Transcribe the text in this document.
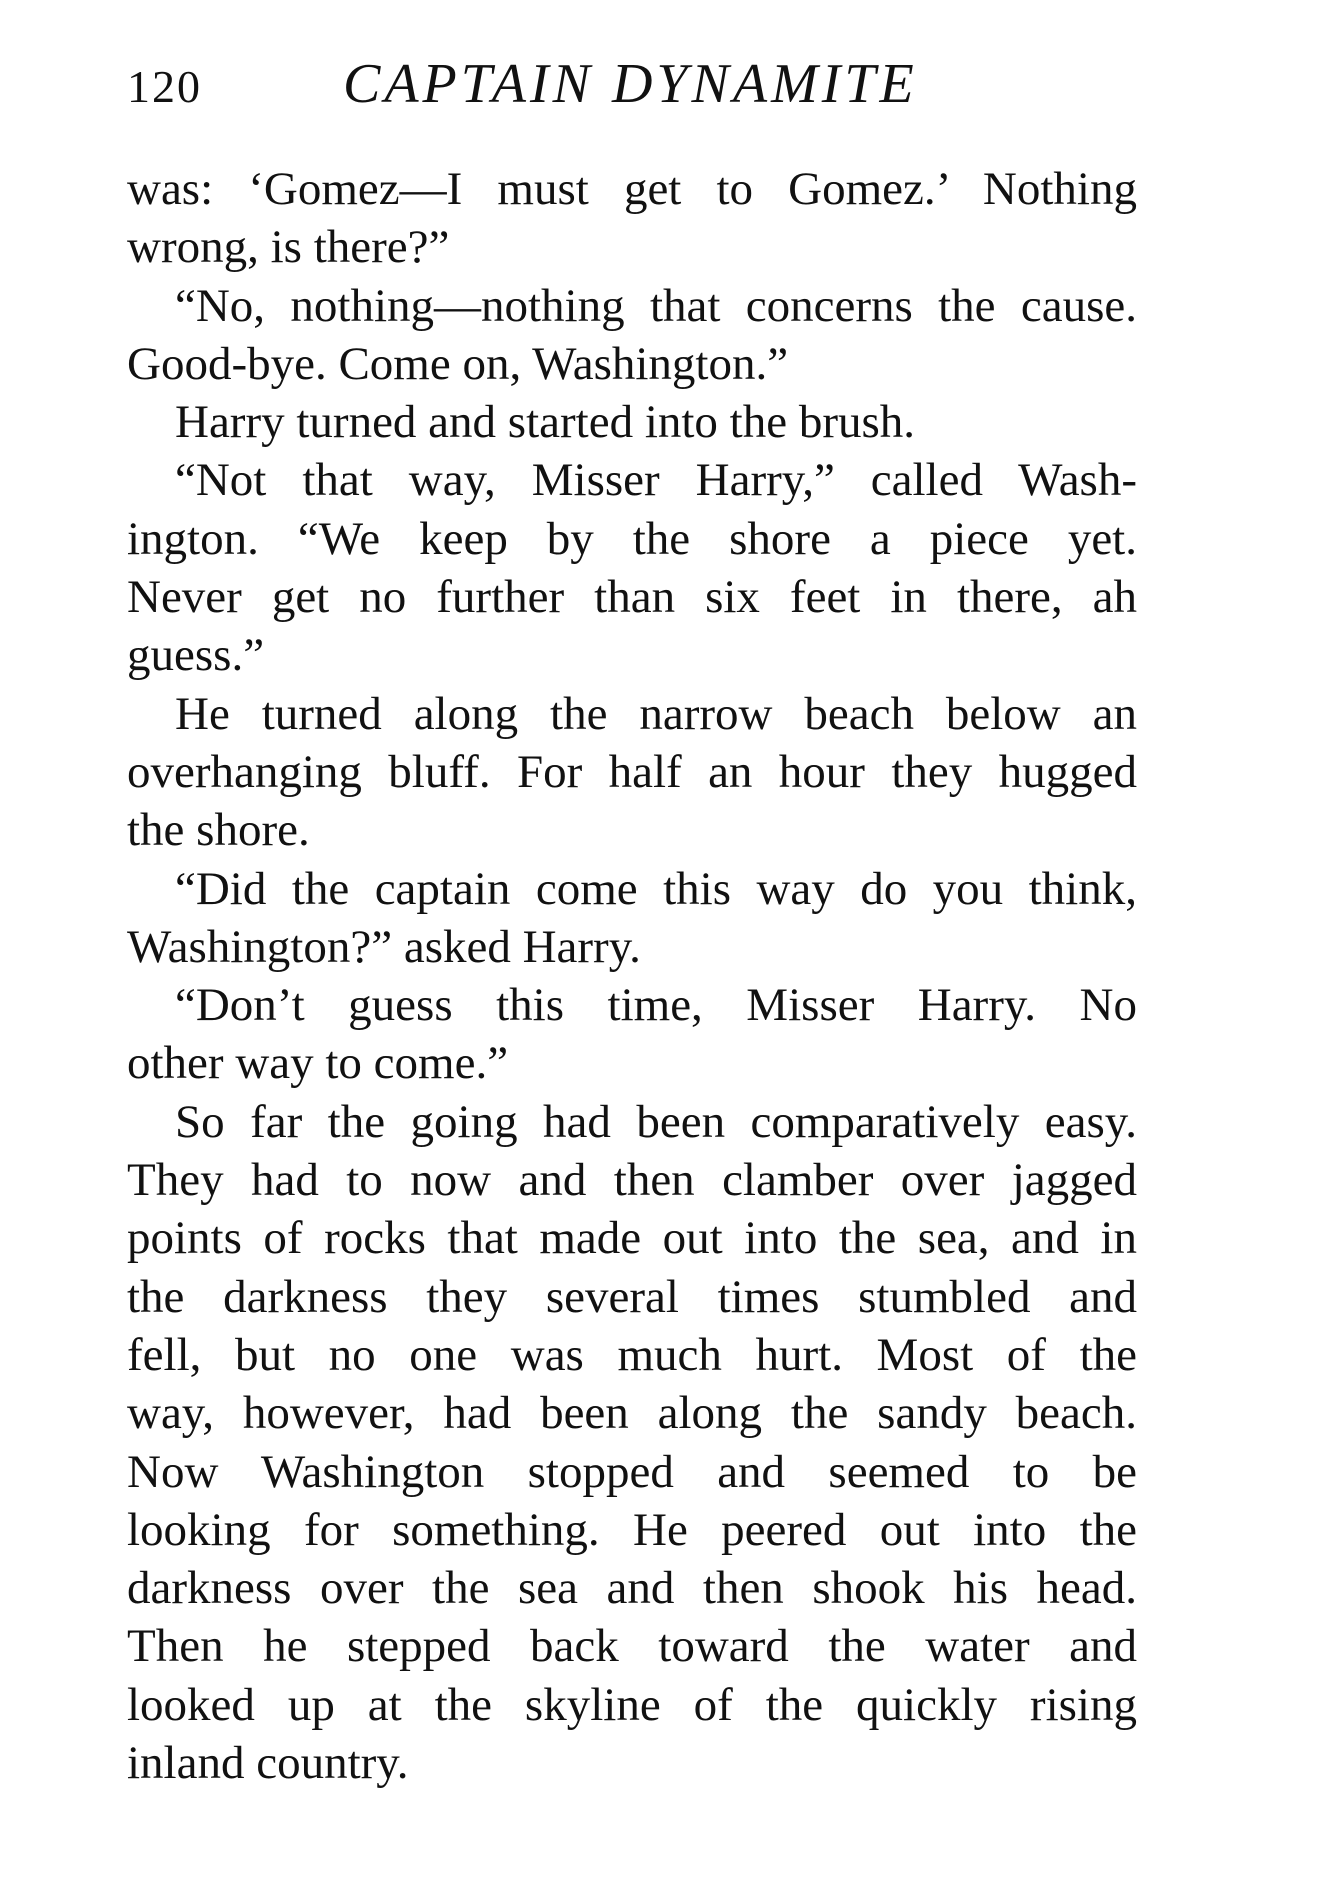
120	CAPTAIN DYNAMITE
was: ‘Gomez—I must get to Gomez.’ Nothing
wrong, is there?”
“No, nothing—nothing that concerns the cause.
Good-bye. Come on, Washington.”
Harry turned and started into the brush.
“Not that way, Misser Harry,” called Wash-
ington. “We keep by the shore a piece yet.
Never get no further than six feet in there, ah
guess.”
He turned along the narrow beach below an
overhanging bluff. For half an hour they hugged
the shore.
“Did the captain come this way do you think,
Washington?” asked Harry.
“Don’t guess this time, Misser Harry. No
other way to come.”
So far the going had been comparatively easy.
They had to now and then clamber over jagged
points of rocks that made out into the sea, and in
the darkness they several times stumbled and
fell, but no one was much hurt. Most of the
way, however, had been along the sandy beach.
Now Washington stopped and seemed to be
looking for something. He peered out into the
darkness over the sea and then shook his head.
Then he stepped back toward the water and
looked up at the skyline of the quickly rising
inland country.
